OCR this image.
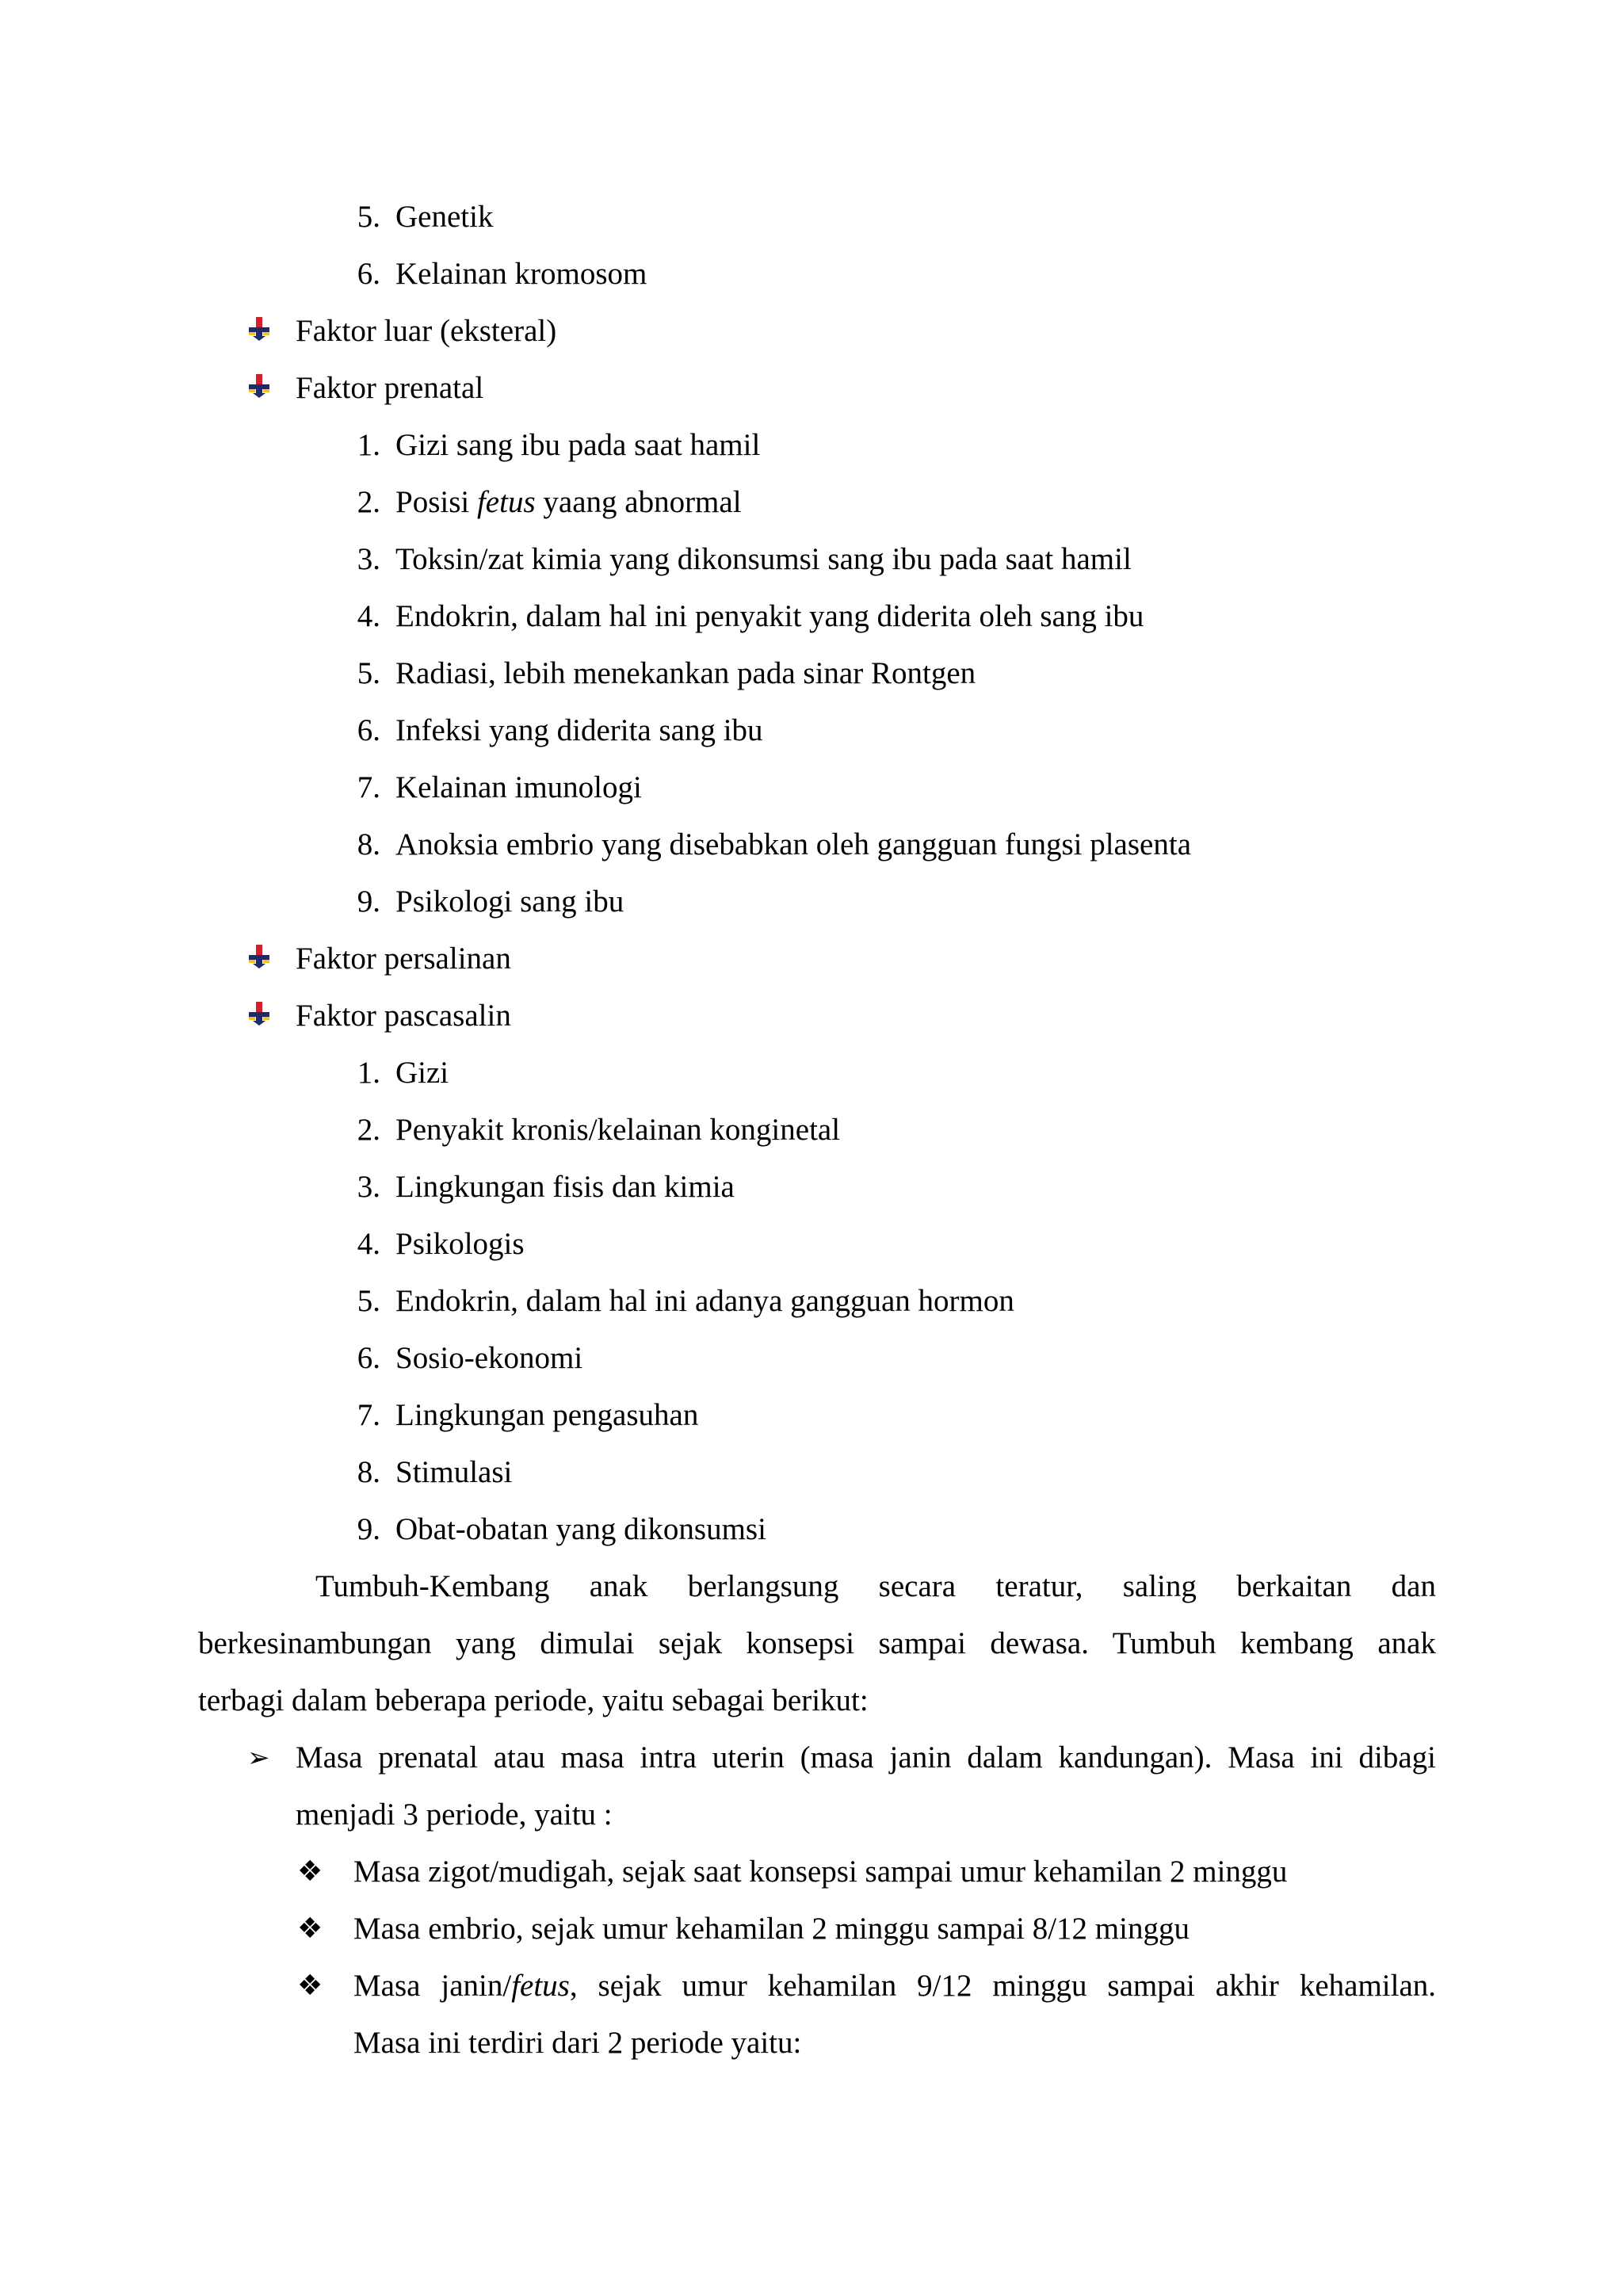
5. Genetik
6. Kelainan kromosom
Faktor luar (eksteral)
Faktor prenatal
1. Gizi sang ibu pada saat hamil
2. Posisi fetus yaang abnormal
3. Toksin/zat kimia yang dikonsumsi sang ibu pada saat hamil
4. Endokrin, dalam hal ini penyakit yang diderita oleh sang ibu
5. Radiasi, lebih menekankan pada sinar Rontgen
6. Infeksi yang diderita sang ibu
7. Kelainan imunologi
8. Anoksia embrio yang disebabkan oleh gangguan fungsi plasenta
9. Psikologi sang ibu
Faktor persalinan
Faktor pascasalin
1. Gizi
2. Penyakit kronis/kelainan konginetal
3. Lingkungan fisis dan kimia
4. Psikologis
5. Endokrin, dalam hal ini adanya gangguan hormon
6. Sosio-ekonomi
7. Lingkungan pengasuhan
8. Stimulasi
9. Obat-obatan yang dikonsumsi
Tumbuh-Kembang anak berlangsung secara teratur, saling berkaitan dan
berkesinambungan yang dimulai sejak konsepsi sampai dewasa. Tumbuh kembang anak
terbagi dalam beberapa periode, yaitu sebagai berikut:
➢ Masa prenatal atau masa intra uterin (masa janin dalam kandungan). Masa ini dibagi
menjadi 3 periode, yaitu :
❖ Masa zigot/mudigah, sejak saat konsepsi sampai umur kehamilan 2 minggu
❖ Masa embrio, sejak umur kehamilan 2 minggu sampai 8/12 minggu
❖ Masa janin/fetus, sejak umur kehamilan 9/12 minggu sampai akhir kehamilan.
Masa ini terdiri dari 2 periode yaitu:
